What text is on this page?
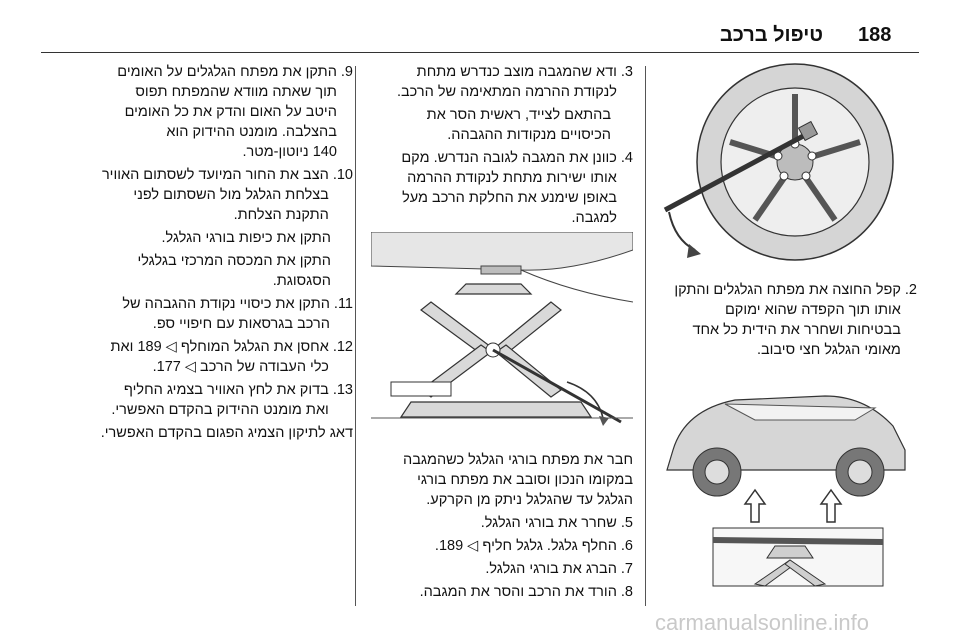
188
טיפול ברכב
9.

התקן את מפתח הגלגלים על האומים

תוך שאתה מוודא שהמפתח תפוס

היטב על האום והדק את כל האומים

בהצלבה. מומנט ההידוק הוא

140 ניוטון-מטר.

10.

הצב את החור המיועד לשסתום האוויר

בצלחת הגלגל מול השסתום לפני

התקנת הצלחת.

התקן את כיפות בורגי הגלגל.

התקן את המכסה המרכזי בגלגלי

הסגסוגת.

11.

התקן את כיסויי נקודת ההגבהה של

הרכב בגרסאות עם חיפויי ספ.

12.

אחסן את הגלגל המוחלף ◁ 189 ואת

כלי העבודה של הרכב ◁ 177.

13.

בדוק את לחץ האוויר בצמיג החליף

ואת מומנט ההידוק בהקדם האפשרי.

דאג לתיקון הצמיג הפגום בהקדם האפשרי.

3.

ודא שהמגבה מוצב כנדרש מתחת

לנקודת ההרמה המתאימה של הרכב.

בהתאם לצייד, ראשית הסר את

הכיסויים מנקודות ההגבהה.

4.

כוונן את המגבה לגובה הנדרש. מקם

אותו ישירות מתחת לנקודת ההרמה

באופן שימנע את החלקת הרכב מעל

למגבה.

חבר את מפתח בורגי הגלגל כשהמגבה

במקומו הנכון וסובב את מפתח בורגי

הגלגל עד שהגלגל ניתק מן הקרקע.

5.
שחרר את בורגי הגלגל.
6.
החלף גלגל. גלגל חליף ◁ 189.
7.
הברג את בורגי הגלגל.
8.
הורד את הרכב והסר את המגבה.
2.

קפל החוצה את מפתח הגלגלים והתקן

אותו תוך הקפדה שהוא ימוקם

בבטיחות ושחרר את הידית כל אחד

מאומי הגלגל חצי סיבוב.

carmanualsonline.info
